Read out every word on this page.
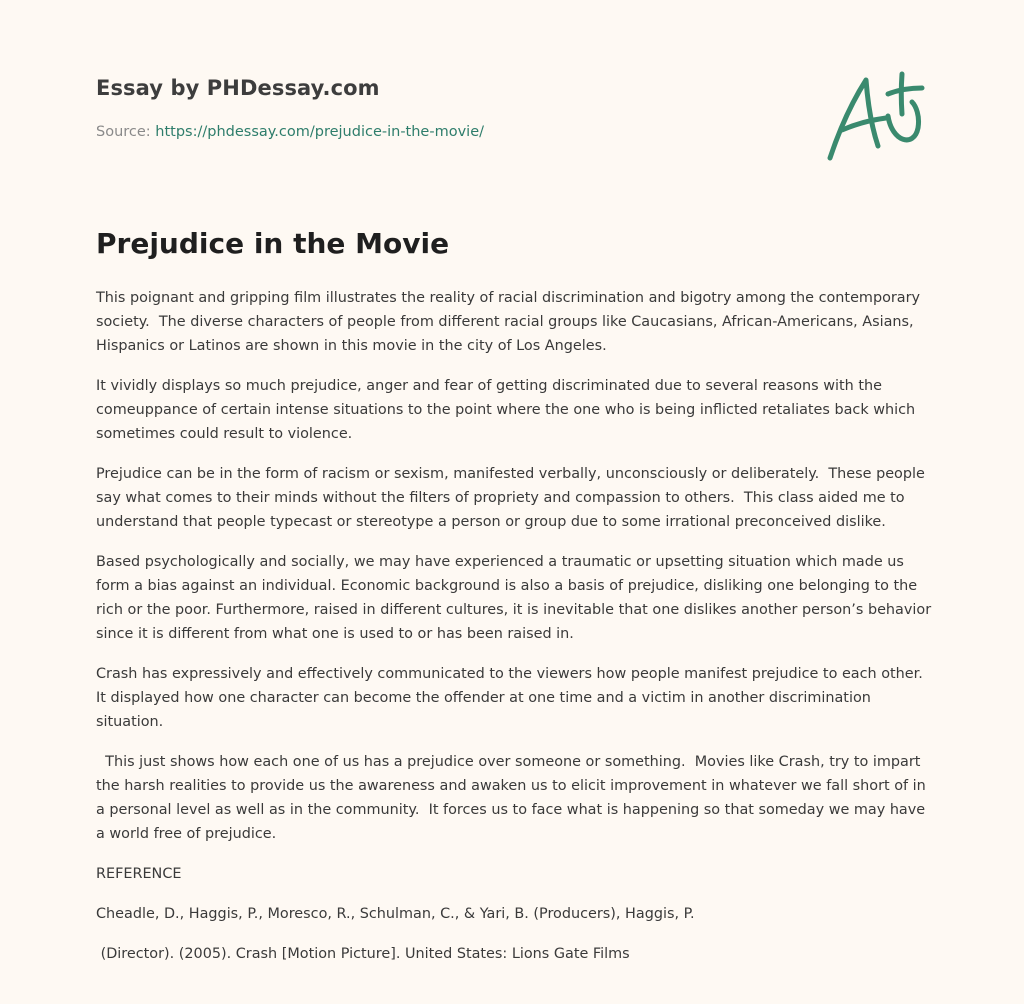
Essay by PHDessay.com
Source: https://phdessay.com/prejudice-in-the-movie/
Prejudice in the Movie

This poignant and gripping film illustrates the reality of racial discrimination and bigotry among the contemporary society.  The diverse characters of people from different racial groups like Caucasians, African-Americans, Asians, Hispanics or Latinos are shown in this movie in the city of Los Angeles.

It vividly displays so much prejudice, anger and fear of getting discriminated due to several reasons with the comeuppance of certain intense situations to the point where the one who is being inflicted retaliates back which sometimes could result to violence.

Prejudice can be in the form of racism or sexism, manifested verbally, unconsciously or deliberately.  These people say what comes to their minds without the filters of propriety and compassion to others.  This class aided me to understand that people typecast or stereotype a person or group due to some irrational preconceived dislike.

Based psychologically and socially, we may have experienced a traumatic or upsetting situation which made us form a bias against an individual. Economic background is also a basis of prejudice, disliking one belonging to the rich or the poor. Furthermore, raised in different cultures, it is inevitable that one dislikes another person’s behavior since it is different from what one is used to or has been raised in.

Crash has expressively and effectively communicated to the viewers how people manifest prejudice to each other.  It displayed how one character can become the offender at one time and a victim in another discrimination situation.

This just shows how each one of us has a prejudice over someone or something.  Movies like Crash, try to impart the harsh realities to provide us the awareness and awaken us to elicit improvement in whatever we fall short of in a personal level as well as in the community.  It forces us to face what is happening so that someday we may have a world free of prejudice.

REFERENCE

Cheadle, D., Haggis, P., Moresco, R., Schulman, C., & Yari, B. (Producers), Haggis, P.

(Director). (2005). Crash [Motion Picture]. United States: Lions Gate Films
